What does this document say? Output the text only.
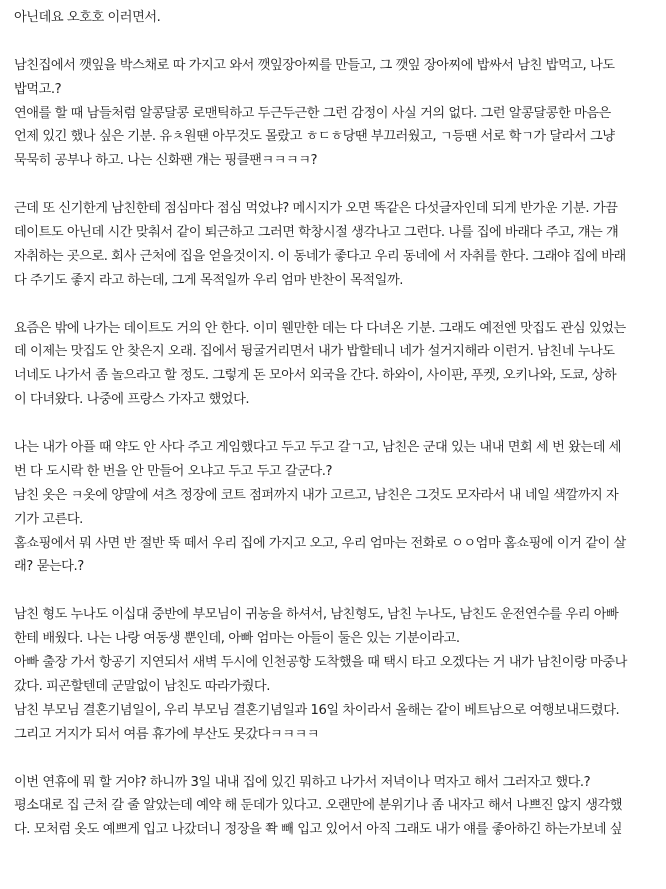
아닌데요 오호호 이러면서.
남친집에서 깻잎을 박스채로 따 가지고 와서 깻잎장아찌를 만들고, 그 깻잎 장아찌에 밥싸서 남친 밥먹고, 나도
밥먹고.?
연애를 할 때 남들처럼 알콩달콩 로맨틱하고 두근두근한 그런 감정이 사실 거의 없다. 그런 알콩달콩한 마음은
언제 있긴 했나 싶은 기분. 유ㅊ원땐 아무것도 몰랐고 ㅎㄷㅎ당땐 부끄러웠고, ㄱ등땐 서로 학ㄱ가 달라서 그냥
묵묵히 공부나 하고. 나는 신화팬 걔는 핑클팬ㅋㅋㅋㅋ?
근데 또 신기한게 남친한테 점심마다 점심 먹었냐? 메시지가 오면 똑같은 다섯글자인데 되게 반가운 기분. 가끔
데이트도 아닌데 시간 맞춰서 같이 퇴근하고 그러면 학창시절 생각나고 그런다. 나를 집에 바래다 주고, 걔는 걔
자취하는 곳으로. 회사 근처에 집을 얻을것이지. 이 동네가 좋다고 우리 동네에 서 자취를 한다. 그래야 집에 바래
다 주기도 좋지 라고 하는데, 그게 목적일까 우리 엄마 반찬이 목적일까.
요즘은 밖에 나가는 데이트도 거의 안 한다. 이미 웬만한 데는 다 다녀온 기분. 그래도 예전엔 맛집도 관심 있었는
데 이제는 맛집도 안 찾은지 오래. 집에서 뒹굴거리면서 내가 밥할테니 네가 설거지해라 이런거. 남친네 누나도
너네도 나가서 좀 놀으라고 할 정도. 그렇게 돈 모아서 외국을 간다. 하와이, 사이판, 푸켓, 오키나와, 도쿄, 상하
이 다녀왔다. 나중에 프랑스 가자고 했었다.
나는 내가 아플 때 약도 안 사다 주고 게임했다고 두고 두고 갈ㄱ고, 남친은 군대 있는 내내 면회 세 번 왔는데 세
번 다 도시락 한 번을 안 만들어 오냐고 두고 두고 갈군다.?
남친 옷은 ㅋ옷에 양말에 셔츠 정장에 코트 점퍼까지 내가 고르고, 남친은 그것도 모자라서 내 네일 색깔까지 자
기가 고른다.
홈쇼핑에서 뭐 사면 반 절반 뚝 떼서 우리 집에 가지고 오고, 우리 엄마는 전화로 ㅇㅇ엄마 홈쇼핑에 이거 같이 살
래? 묻는다.?
남친 형도 누나도 이십대 중반에 부모님이 귀농을 하셔서, 남친형도, 남친 누나도, 남친도 운전연수를 우리 아빠
한테 배웠다. 나는 나랑 여동생 뿐인데, 아빠 엄마는 아들이 둘은 있는 기분이라고.
아빠 출장 가서 항공기 지연되서 새벽 두시에 인천공항 도착했을 때 택시 타고 오겠다는 거 내가 남친이랑 마중나
갔다. 피곤할텐데 군말없이 남친도 따라가줬다.
남친 부모님 결혼기념일이, 우리 부모님 결혼기념일과 16일 차이라서 올해는 같이 베트남으로 여행보내드렸다.
그리고 거지가 되서 여름 휴가에 부산도 못갔다ㅋㅋㅋㅋ
이번 연휴에 뭐 할 거야? 하니까 3일 내내 집에 있긴 뭐하고 나가서 저녁이나 먹자고 해서 그러자고 했다.?
평소대로 집 근처 갈 줄 알았는데 예약 해 둔데가 있다고. 오랜만에 분위기나 좀 내자고 해서 나쁘진 않지 생각했
다. 모처럼 옷도 예쁘게 입고 나갔더니 정장을 쫙 빼 입고 있어서 아직 그래도 내가 얘를 좋아하긴 하는가보네 싶
